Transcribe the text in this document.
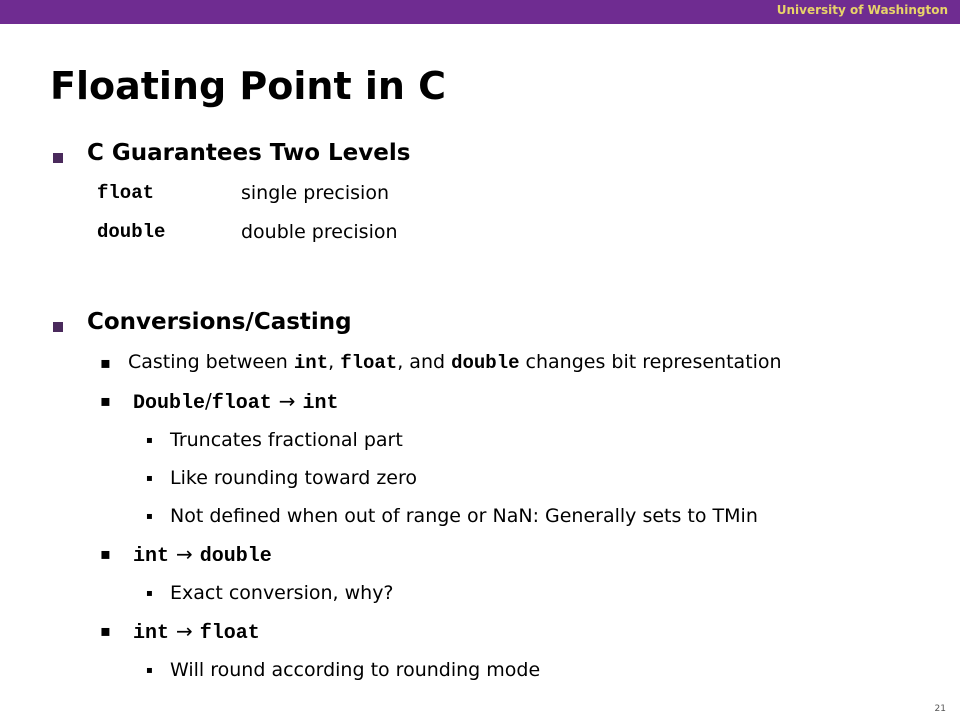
University of Washington
Floating Point in C
C Guarantees Two Levels
float	single precision
double	double precision
Conversions/Casting
▪ Casting between int, float, and double changes bit representation
▪ Double/float → int
▪ Truncates fractional part
▪ Like rounding toward zero
▪ Not defined when out of range or NaN: Generally sets to TMin
▪ int → double
▪ Exact conversion, why?
▪ int → float
▪ Will round according to rounding mode
21
